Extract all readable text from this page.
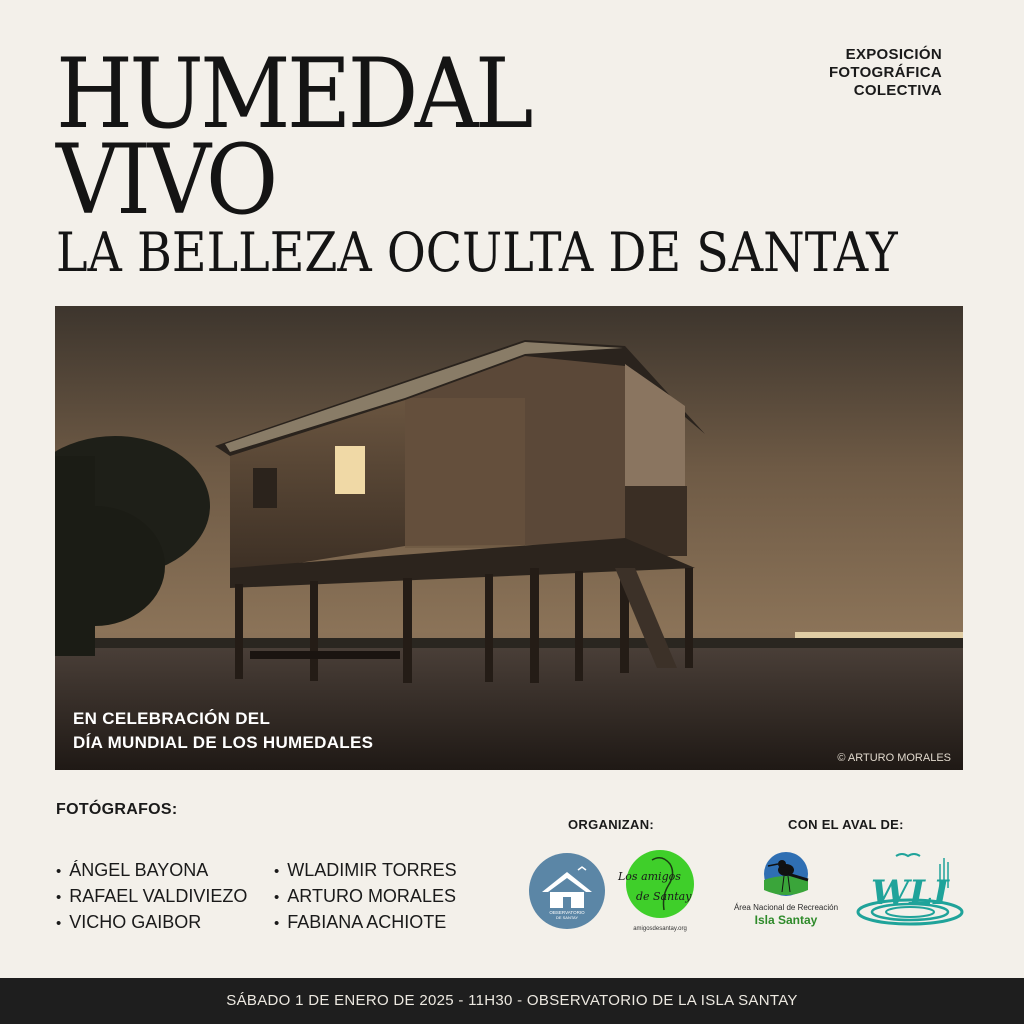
HUMEDAL
VIVO
LA BELLEZA OCULTA DE SANTAY
EXPOSICIÓN
FOTOGRÁFICA
COLECTIVA
EN CELEBRACIÓN DEL
DÍA MUNDIAL DE LOS HUMEDALES
© ARTURO MORALES
FOTÓGRAFOS:
• ÁNGEL BAYONA
• RAFAEL VALDIVIEZO
• VICHO GAIBOR
• WLADIMIR TORRES
• ARTURO MORALES
• FABIANA ACHIOTE
ORGANIZAN:	CON EL AVAL DE:
OBSERVATORIO
DE SANTAY
Los amigos
de Santay
amigosdesantay.org
Área Nacional de Recreación
Isla Santay
WLI
SÁBADO 1 DE ENERO DE 2025 - 11H30 - OBSERVATORIO DE LA ISLA SANTAY
